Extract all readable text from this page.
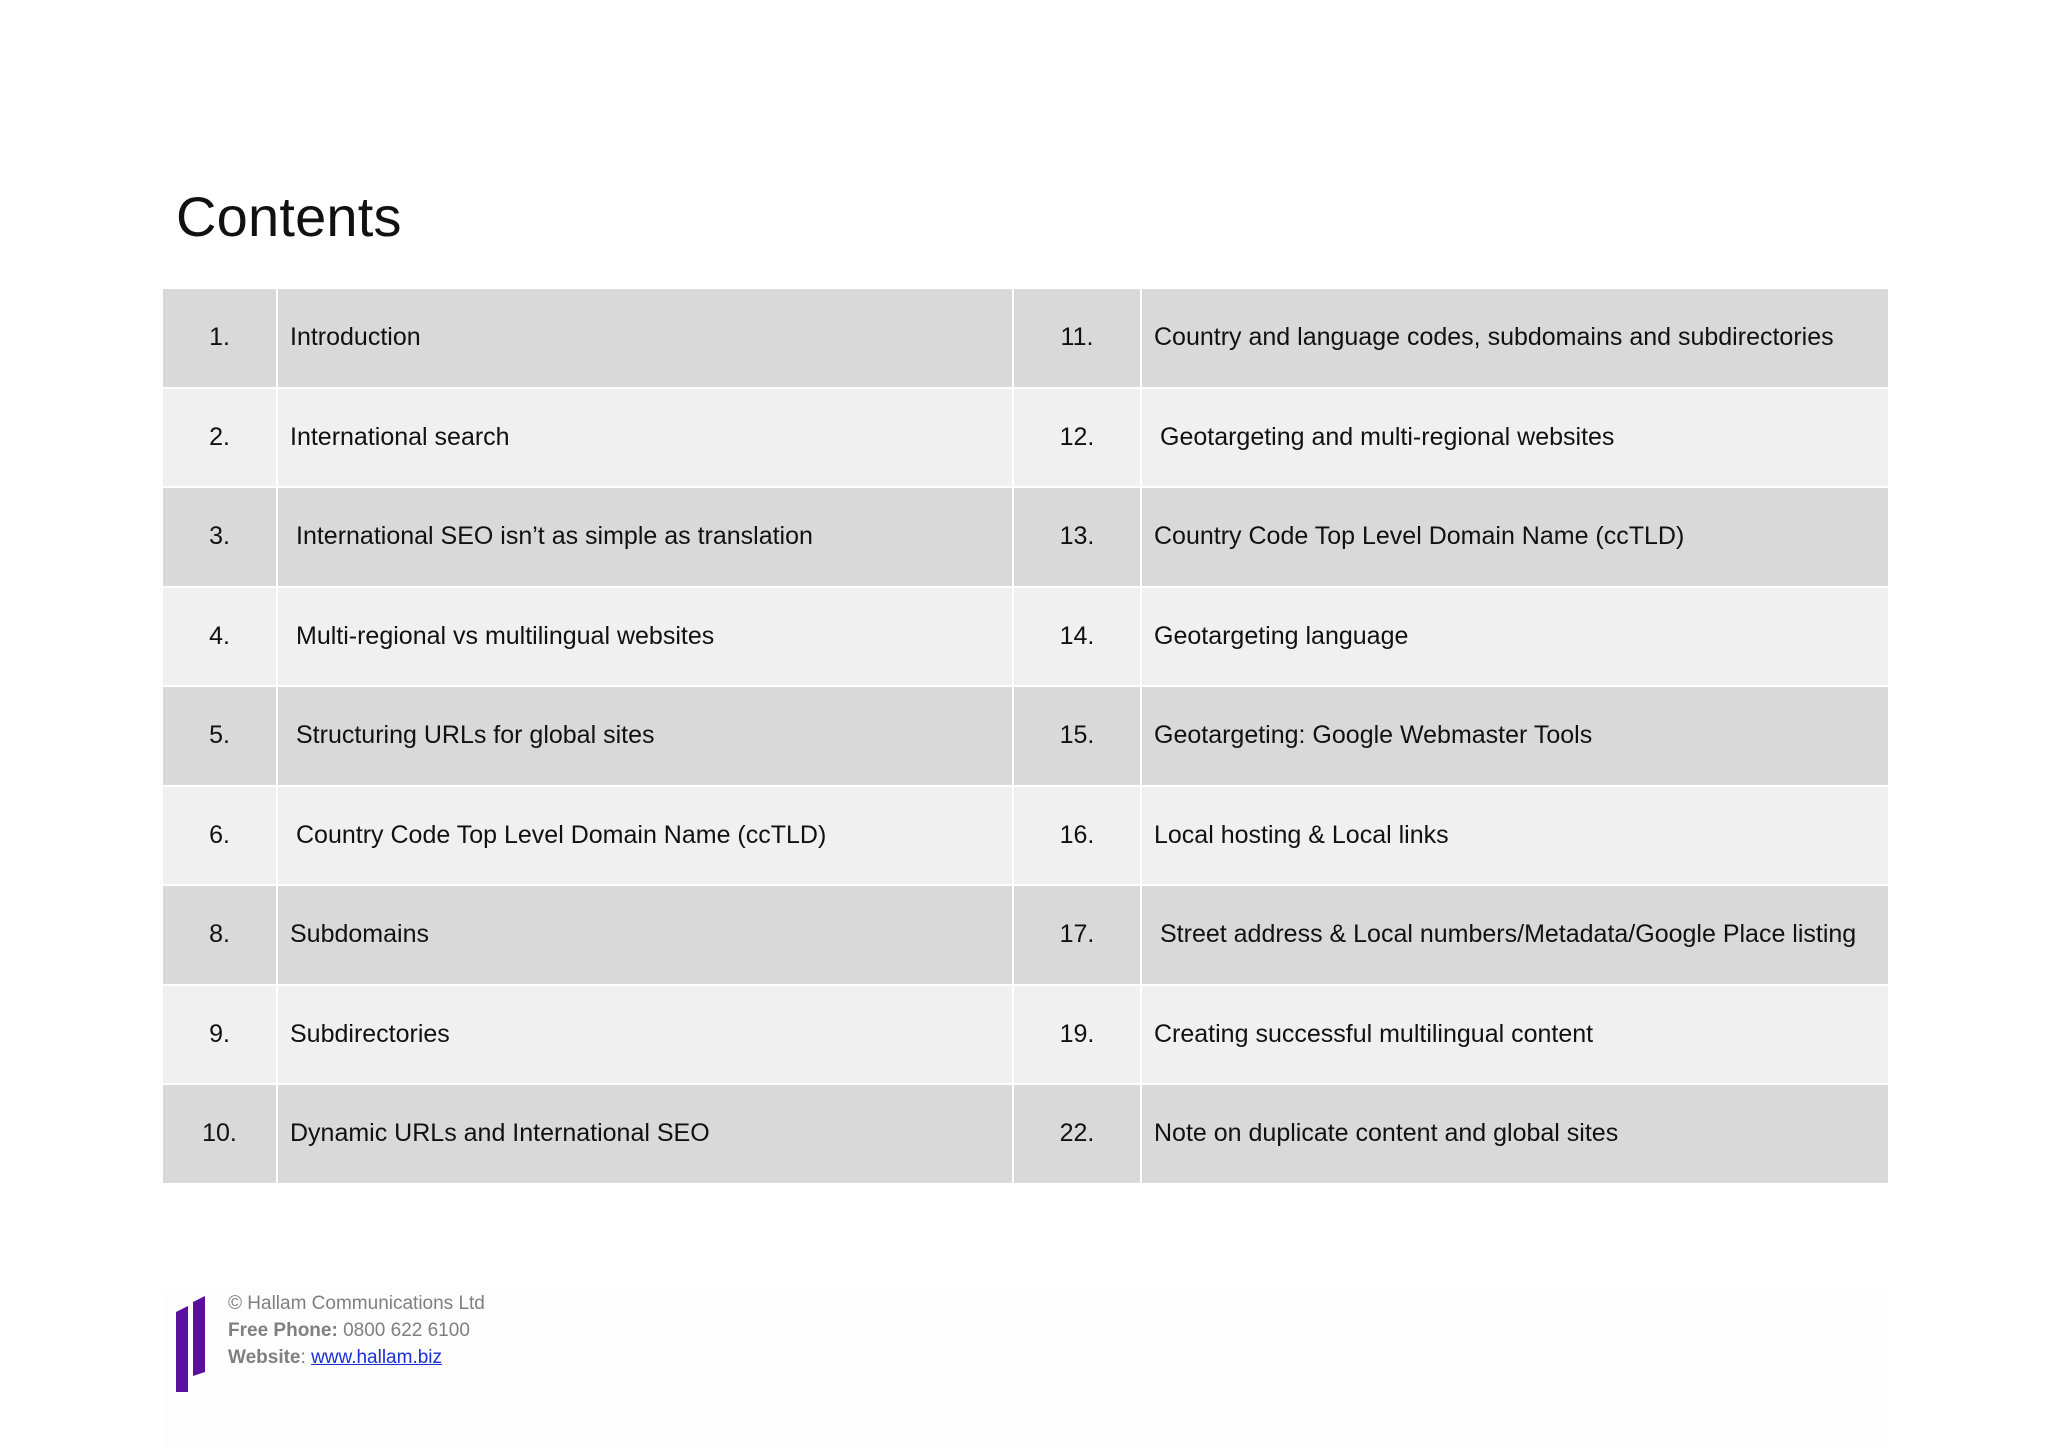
Contents
1.	Introduction	11.	Country and language codes, subdomains and subdirectories
2.	International search	12.	Geotargeting and multi-regional websites
3.	International SEO isn’t as simple as translation	13.	Country Code Top Level Domain Name (ccTLD)
4.	Multi-regional vs multilingual websites	14.	Geotargeting language
5.	Structuring URLs for global sites	15.	Geotargeting: Google Webmaster Tools
6.	Country Code Top Level Domain Name (ccTLD)	16.	Local hosting & Local links
8.	Subdomains	17.	Street address & Local numbers/Metadata/Google Place listing
9.	Subdirectories	19.	Creating successful multilingual content
10.	Dynamic URLs and International SEO	22.	Note on duplicate content and global sites
© Hallam Communications Ltd
Free Phone: 0800 622 6100
Website: www.hallam.biz
